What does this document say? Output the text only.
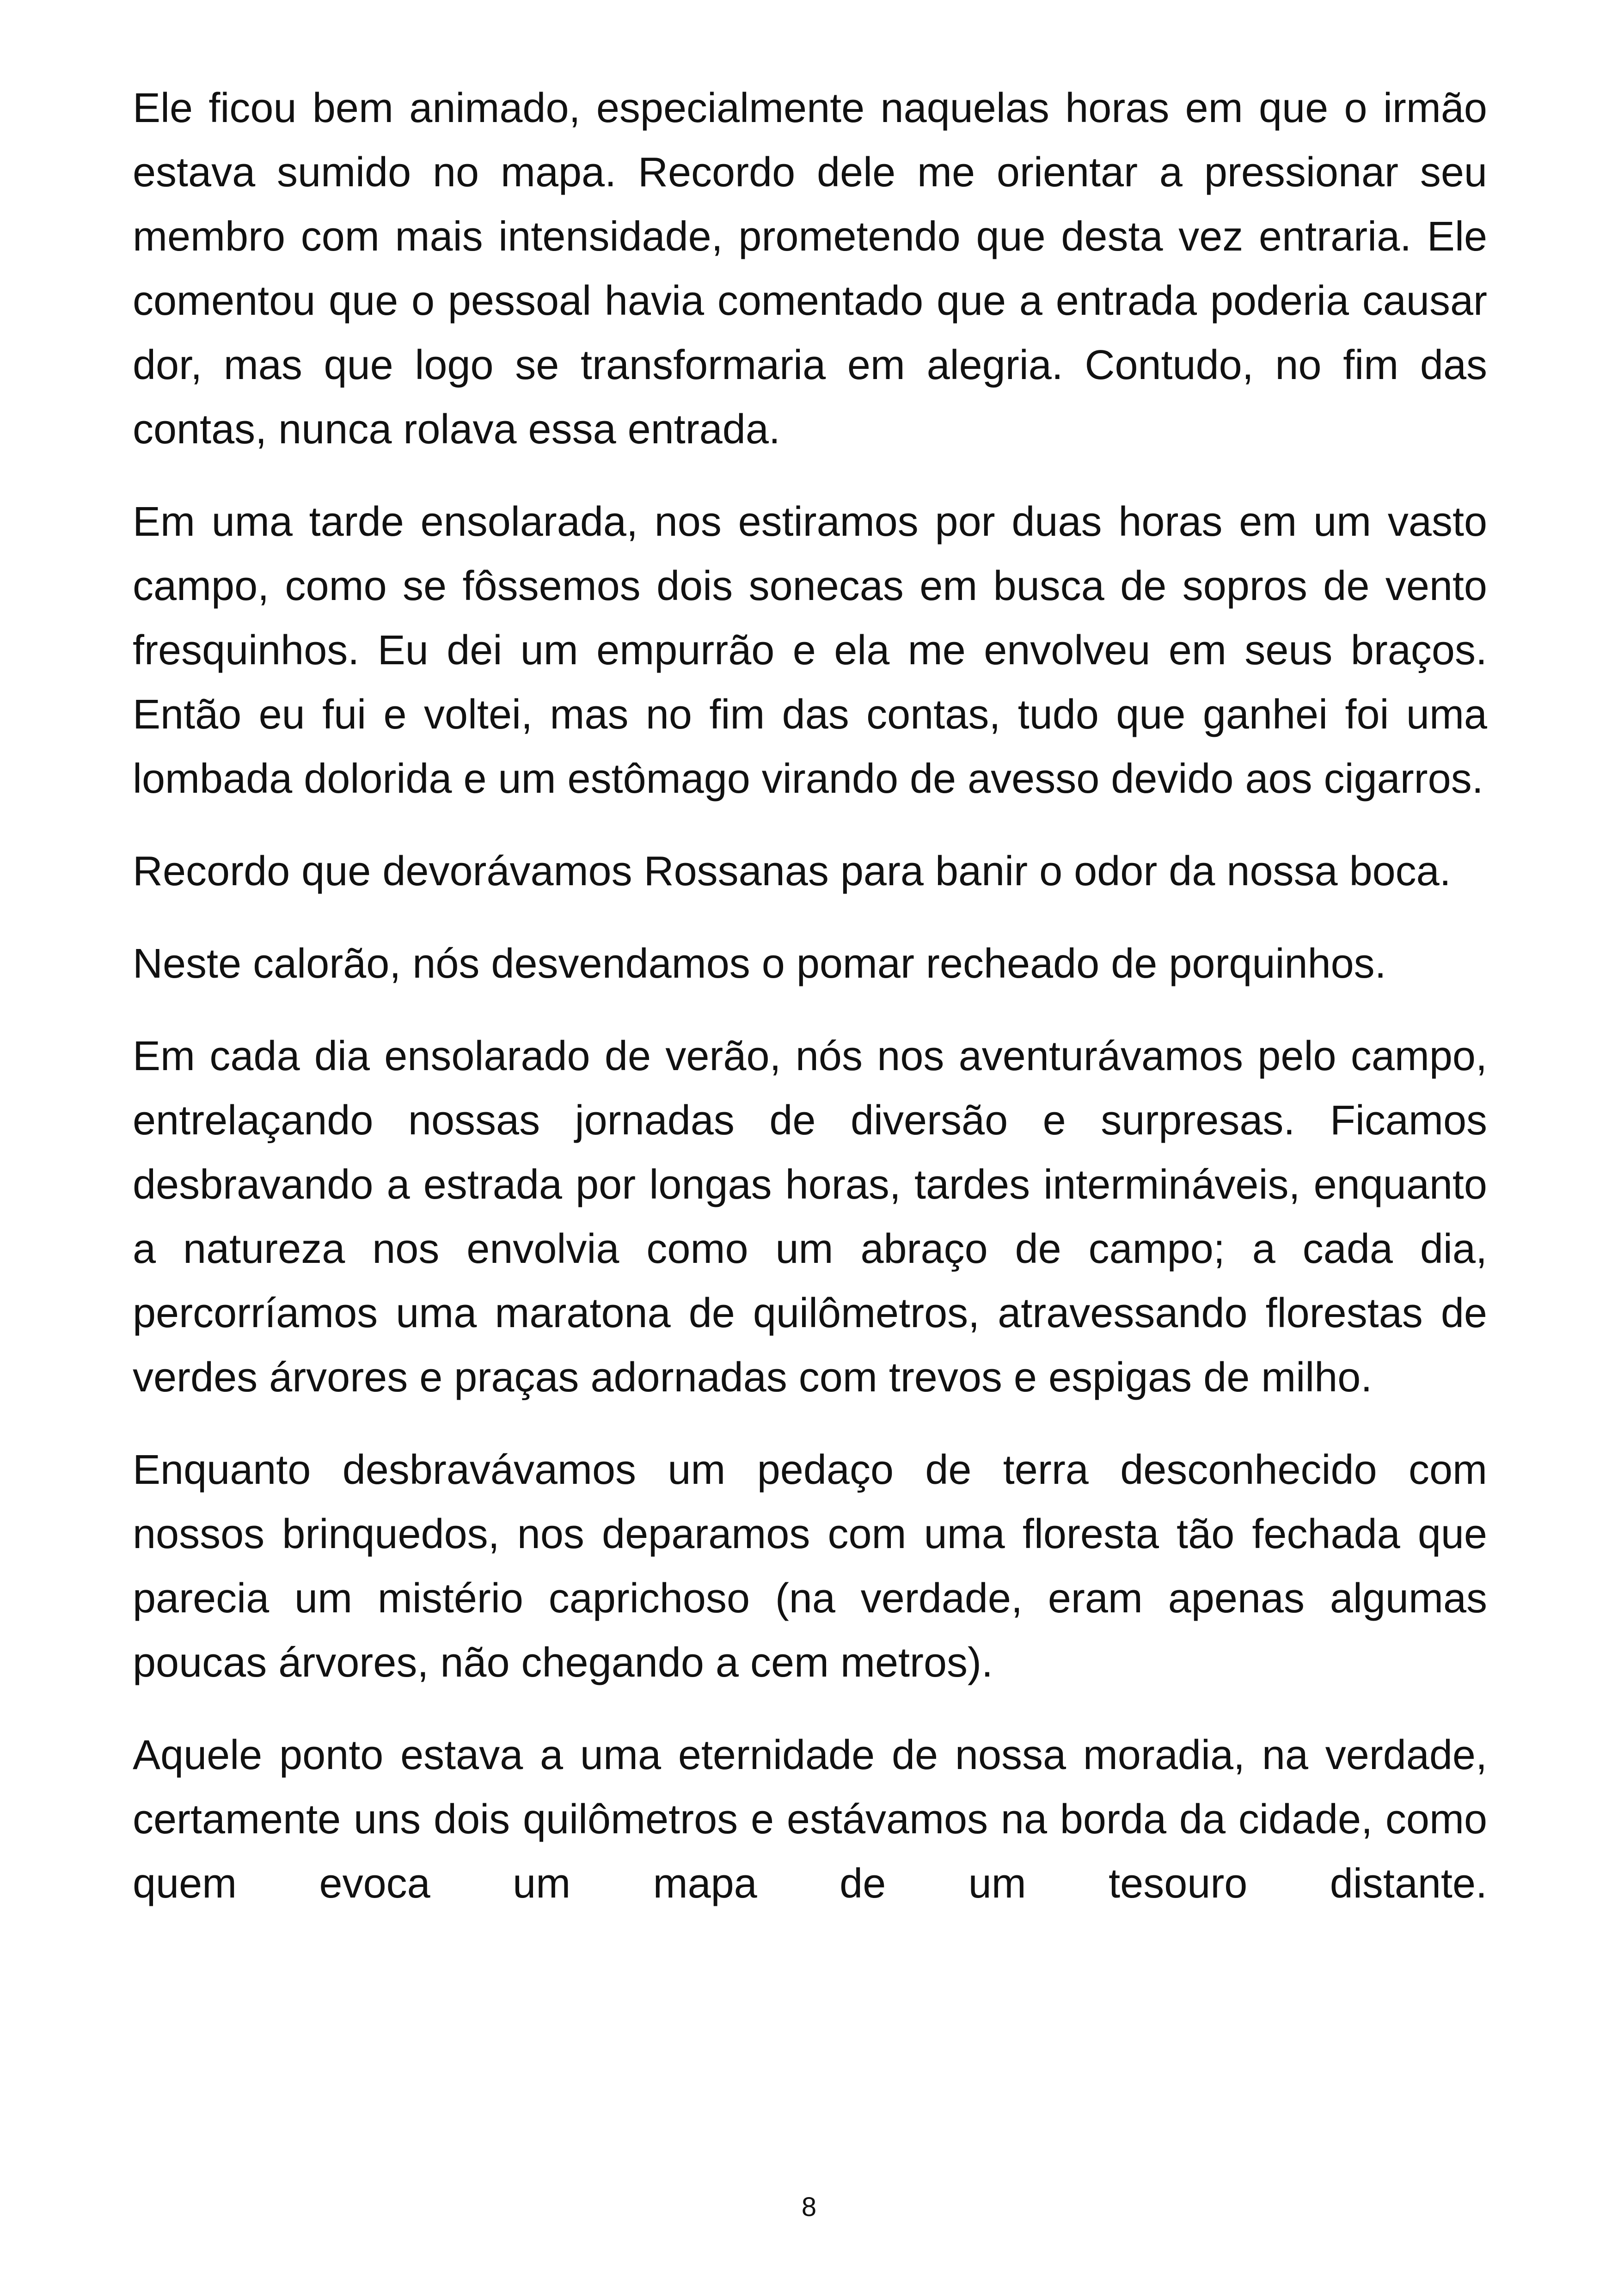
Ele ficou bem animado, especialmente naquelas horas em que o irmão estava sumido no mapa. Recordo dele me orientar a pressionar seu membro com mais intensidade, prometendo que desta vez entraria. Ele comentou que o pessoal havia comentado que a entrada poderia causar dor, mas que logo se transformaria em alegria. Contudo, no fim das contas, nunca rolava essa entrada.

Em uma tarde ensolarada, nos estiramos por duas horas em um vasto campo, como se fôssemos dois sonecas em busca de sopros de vento fresquinhos. Eu dei um empurrão e ela me envolveu em seus braços. Então eu fui e voltei, mas no fim das contas, tudo que ganhei foi uma lombada dolorida e um estômago virando de avesso devido aos cigarros.

Recordo que devorávamos Rossanas para banir o odor da nossa boca.

Neste calorão, nós desvendamos o pomar recheado de porquinhos.

Em cada dia ensolarado de verão, nós nos aventurávamos pelo campo, entrelaçando nossas jornadas de diversão e surpresas. Ficamos desbravando a estrada por longas horas, tardes intermináveis, enquanto a natureza nos envolvia como um abraço de campo; a cada dia, percorríamos uma maratona de quilômetros, atravessando florestas de verdes árvores e praças adornadas com trevos e espigas de milho.

Enquanto desbravávamos um pedaço de terra desconhecido com nossos brinquedos, nos deparamos com uma floresta tão fechada que parecia um mistério caprichoso (na verdade, eram apenas algumas poucas árvores, não chegando a cem metros).

Aquele ponto estava a uma eternidade de nossa moradia, na verdade, certamente uns dois quilômetros e estávamos na borda da cidade, como quem evoca um mapa de um tesouro distante.

8
